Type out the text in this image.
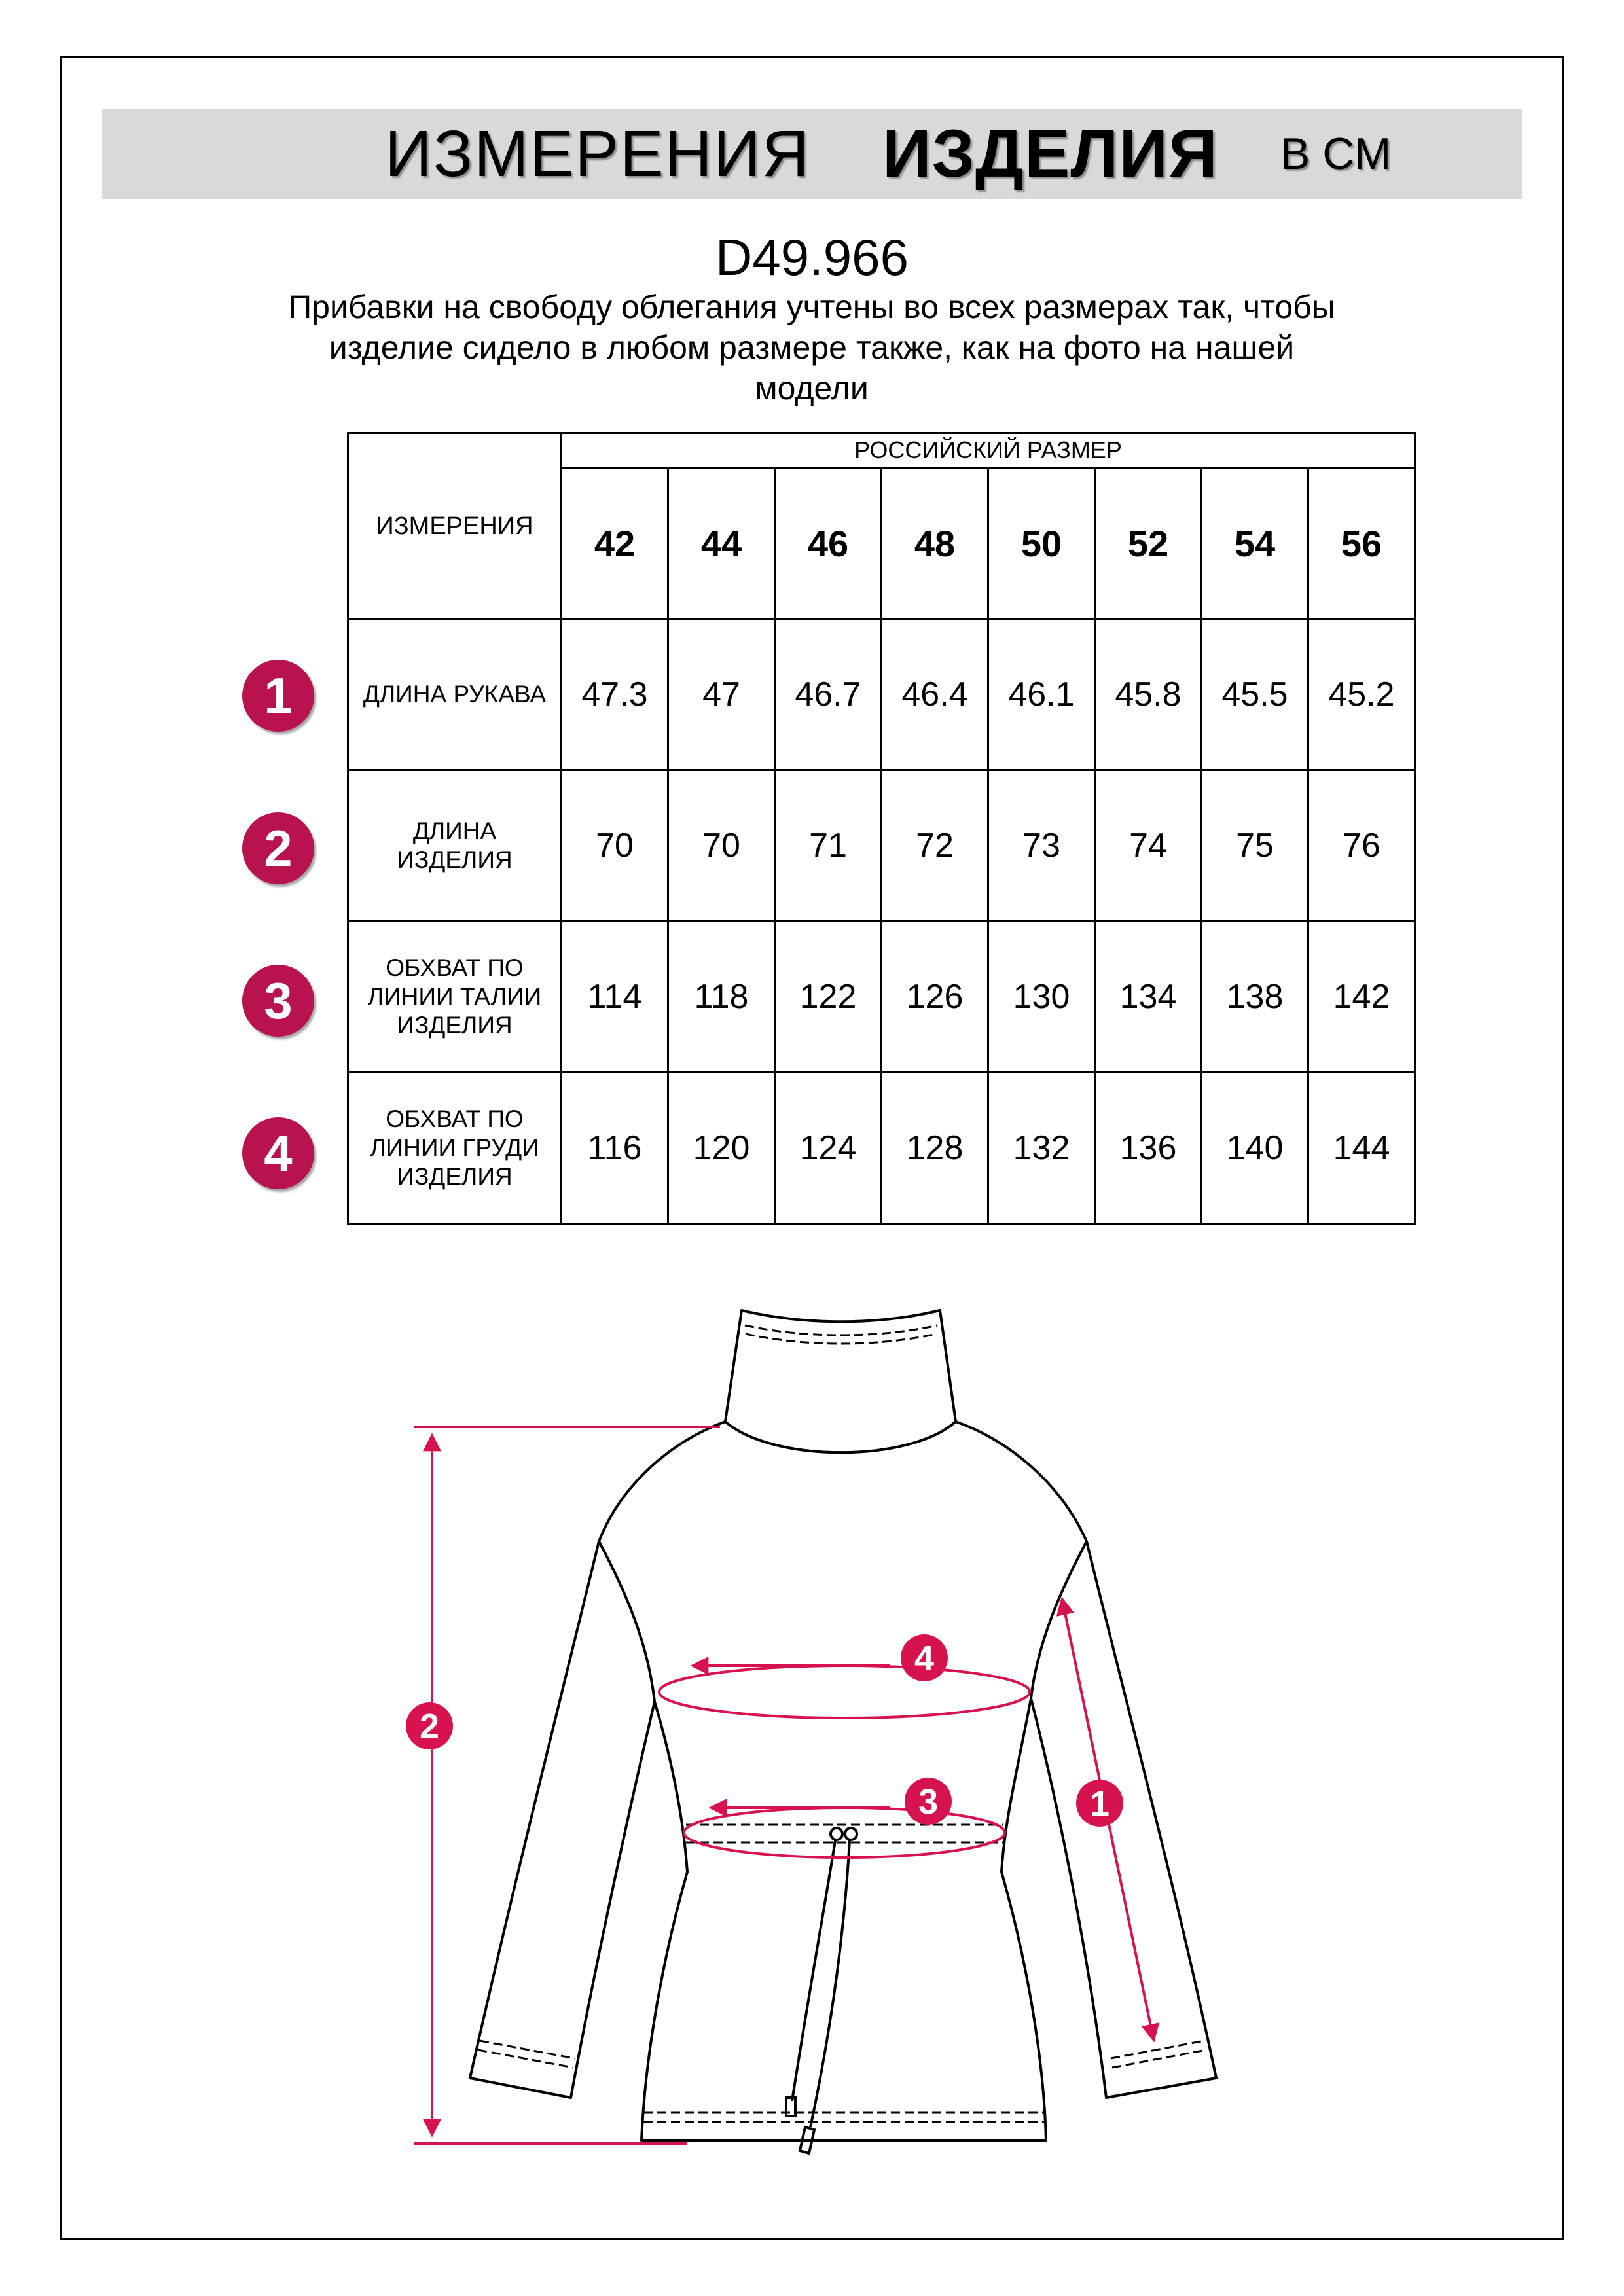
ИЗМЕРЕНИЯ ИЗДЕЛИЯ В СМ
D49.966
Прибавки на свободу облегания учтены во всех размерах так, чтобы
изделие сидело в любом размере также, как на фото на нашей
модели
ИЗМЕРЕНИЯ	РОССИЙСКИЙ РАЗМЕР							
	42	44	46	48	50	52	54	56

ДЛИНА РУКАВА	47.3	47	46.7	46.4	46.1	45.8	45.5	45.2

ДЛИНА
ИЗДЕЛИЯ	70	70	71	72	73	74	75	76

ОБХВАТ ПО
ЛИНИИ ТАЛИИ
ИЗДЕЛИЯ	114	118	122	126	130	134	138	142

ОБХВАТ ПО
ЛИНИИ ГРУДИ
ИЗДЕЛИЯ	116	120	124	128	132	136	140	144
1
2
3
4
2
1
4
3
